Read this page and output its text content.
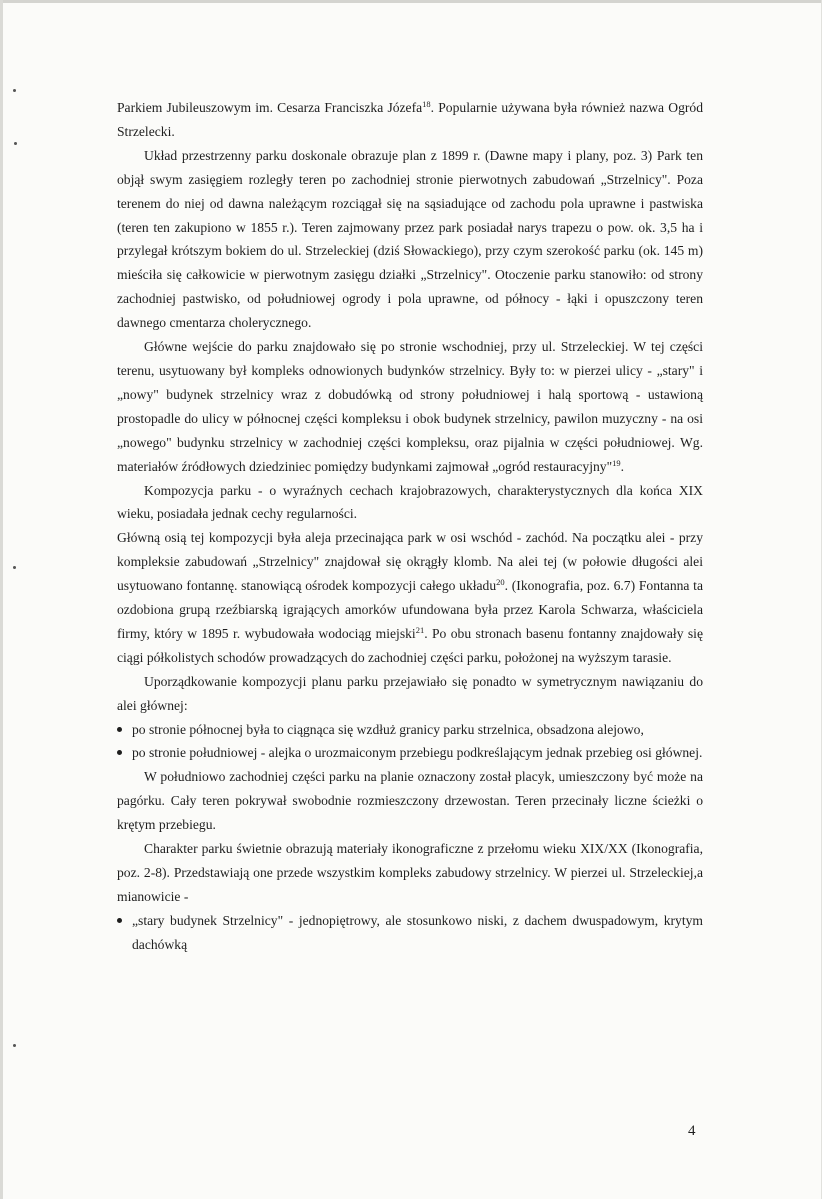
Parkiem Jubileuszowym im. Cesarza Franciszka Józefa$^{18}$. Popularnie używana była również nazwa Ogród Strzelecki.

Układ przestrzenny parku doskonale obrazuje plan z 1899 r. (Dawne mapy i plany, poz. 3) Park ten objął swym zasięgiem rozległy teren po zachodniej stronie pierwotnych zabudowań „Strzelnicy". Poza terenem do niej od dawna należącym rozciągał się na sąsiadujące od zachodu pola uprawne i pastwiska (teren ten zakupiono w 1855 r.). Teren zajmowany przez park posiadał narys trapezu o pow. ok. 3,5 ha i przylegał krótszym bokiem do ul. Strzeleckiej (dziś Słowackiego), przy czym szerokość parku (ok. 145 m) mieściła się całkowicie w pierwotnym zasięgu działki „Strzelnicy". Otoczenie parku stanowiło: od strony zachodniej pastwisko, od południowej ogrody i pola uprawne, od północy - łąki i opuszczony teren dawnego cmentarza cholerycznego.

Główne wejście do parku znajdowało się po stronie wschodniej, przy ul. Strzeleckiej. W tej części terenu, usytuowany był kompleks odnowionych budynków strzelnicy. Były to: w pierzei ulicy - „stary" i „nowy" budynek strzelnicy wraz z dobudówką od strony południowej i halą sportową - ustawioną prostopadle do ulicy w północnej części kompleksu i obok budynek strzelnicy, pawilon muzyczny - na osi „nowego" budynku strzelnicy w zachodniej części kompleksu, oraz pijalnia w części południowej. Wg. materiałów źródłowych dziedziniec pomiędzy budynkami zajmował „ogród restauracyjny"$^{19}$.

Kompozycja parku - o wyraźnych cechach krajobrazowych, charakterystycznych dla końca XIX wieku, posiadała jednak cechy regularności.

Główną osią tej kompozycji była aleja przecinająca park w osi wschód - zachód. Na początku alei - przy kompleksie zabudowań „Strzelnicy" znajdował się okrągły klomb. Na alei tej (w połowie długości alei usytuowano fontannę. stanowiącą ośrodek kompozycji całego układu$^{20}$. (Ikonografia, poz. 6.7) Fontanna ta ozdobiona grupą rzeźbiarską igrających amorków ufundowana była przez Karola Schwarza, właściciela firmy, który w 1895 r. wybudowała wodociąg miejski$^{21}$. Po obu stronach basenu fontanny znajdowały się ciągi półkolistych schodów prowadzących do zachodniej części parku, położonej na wyższym tarasie.

Uporządkowanie kompozycji planu parku przejawiało się ponadto w symetrycznym nawiązaniu do alei głównej:

po stronie północnej była to ciągnąca się wzdłuż granicy parku strzelnica, obsadzona alejowo,
po stronie południowej - alejka o urozmaiconym przebiegu podkreślającym jednak przebieg osi głównej.

W południowo zachodniej części parku na planie oznaczony został placyk, umieszczony być może na pagórku. Cały teren pokrywał swobodnie rozmieszczony drzewostan. Teren przecinały liczne ścieżki o krętym przebiegu.

Charakter parku świetnie obrazują materiały ikonograficzne z przełomu wieku XIX/XX (Ikonografia, poz. 2-8). Przedstawiają one przede wszystkim kompleks zabudowy strzelnicy. W pierzei ul. Strzeleckiej,a mianowicie -

„stary budynek Strzelnicy" - jednopiętrowy, ale stosunkowo niski, z dachem dwuspadowym, krytym dachówką
4
